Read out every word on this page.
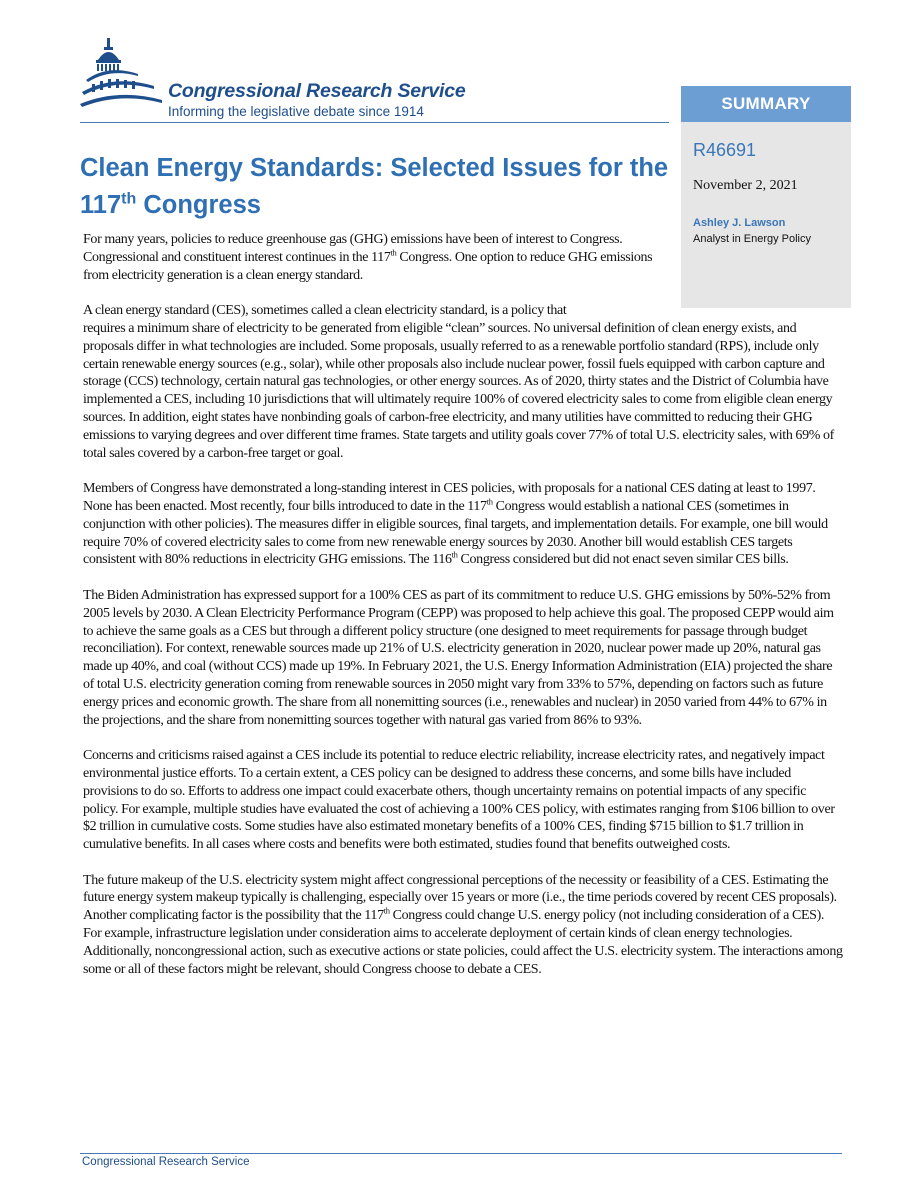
Congressional Research Service
Informing the legislative debate since 1914	SUMMARY
R46691
November 2, 2021
Ashley J. Lawson
Analyst in Energy Policy
Clean Energy Standards: Selected Issues for the 117th Congress

For many years, policies to reduce greenhouse gas (GHG) emissions have been of interest to Congress. Congressional and constituent interest continues in the 117th Congress. One option to reduce GHG emissions from electricity generation is a clean energy standard.

A clean energy standard (CES), sometimes called a clean electricity standard, is a policy that
requires a minimum share of electricity to be generated from eligible “clean” sources. No universal definition of clean energy exists, and proposals differ in what technologies are included. Some proposals, usually referred to as a renewable portfolio standard (RPS), include only certain renewable energy sources (e.g., solar), while other proposals also include nuclear power, fossil fuels equipped with carbon capture and storage (CCS) technology, certain natural gas technologies, or other energy sources. As of 2020, thirty states and the District of Columbia have implemented a CES, including 10 jurisdictions that will ultimately require 100% of covered electricity sales to come from eligible clean energy sources. In addition, eight states have nonbinding goals of carbon-free electricity, and many utilities have committed to reducing their GHG emissions to varying degrees and over different time frames. State targets and utility goals cover 77% of total U.S. electricity sales, with 69% of total sales covered by a carbon-free target or goal.

Members of Congress have demonstrated a long-standing interest in CES policies, with proposals for a national CES dating at least to 1997. None has been enacted. Most recently, four bills introduced to date in the 117th Congress would establish a national CES (sometimes in conjunction with other policies). The measures differ in eligible sources, final targets, and implementation details. For example, one bill would require 70% of covered electricity sales to come from new renewable energy sources by 2030. Another bill would establish CES targets consistent with 80% reductions in electricity GHG emissions. The 116th Congress considered but did not enact seven similar CES bills.

The Biden Administration has expressed support for a 100% CES as part of its commitment to reduce U.S. GHG emissions by 50%-52% from 2005 levels by 2030. A Clean Electricity Performance Program (CEPP) was proposed to help achieve this goal. The proposed CEPP would aim to achieve the same goals as a CES but through a different policy structure (one designed to meet requirements for passage through budget reconciliation). For context, renewable sources made up 21% of U.S. electricity generation in 2020, nuclear power made up 20%, natural gas made up 40%, and coal (without CCS) made up 19%. In February 2021, the U.S. Energy Information Administration (EIA) projected the share of total U.S. electricity generation coming from renewable sources in 2050 might vary from 33% to 57%, depending on factors such as future energy prices and economic growth. The share from all nonemitting sources (i.e., renewables and nuclear) in 2050 varied from 44% to 67% in the projections, and the share from nonemitting sources together with natural gas varied from 86% to 93%.

Concerns and criticisms raised against a CES include its potential to reduce electric reliability, increase electricity rates, and negatively impact environmental justice efforts. To a certain extent, a CES policy can be designed to address these concerns, and some bills have included provisions to do so. Efforts to address one impact could exacerbate others, though uncertainty remains on potential impacts of any specific policy. For example, multiple studies have evaluated the cost of achieving a 100% CES policy, with estimates ranging from $106 billion to over $2 trillion in cumulative costs. Some studies have also estimated monetary benefits of a 100% CES, finding $715 billion to $1.7 trillion in cumulative benefits. In all cases where costs and benefits were both estimated, studies found that benefits outweighed costs.

The future makeup of the U.S. electricity system might affect congressional perceptions of the necessity or feasibility of a CES. Estimating the future energy system makeup typically is challenging, especially over 15 years or more (i.e., the time periods covered by recent CES proposals). Another complicating factor is the possibility that the 117th Congress could change U.S. energy policy (not including consideration of a CES). For example, infrastructure legislation under consideration aims to accelerate deployment of certain kinds of clean energy technologies. Additionally, noncongressional action, such as executive actions or state policies, could affect the U.S. electricity system. The interactions among some or all of these factors might be relevant, should Congress choose to debate a CES.

Congressional Research Service
